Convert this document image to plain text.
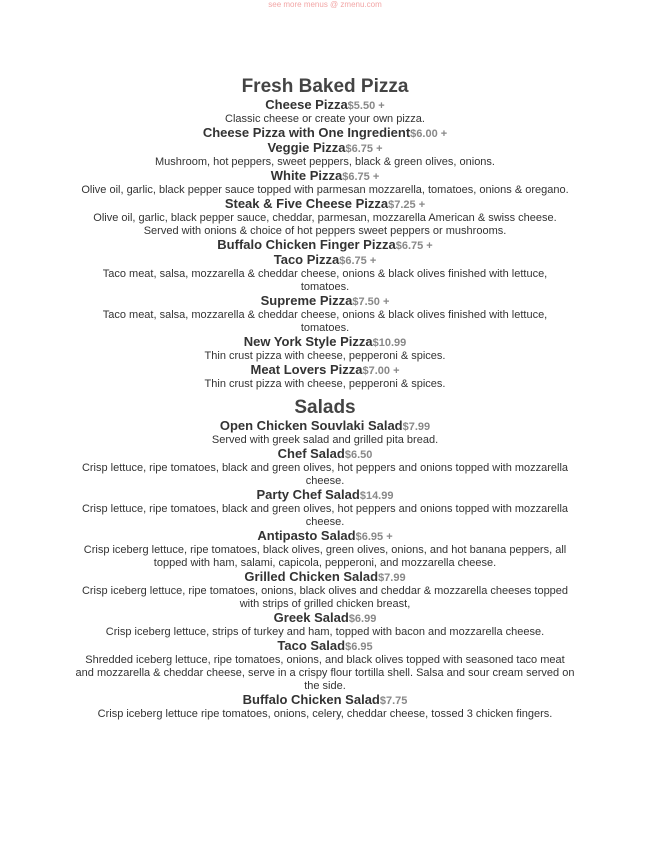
see more menus @ zmenu.com
Fresh Baked Pizza
Cheese Pizza$5.50 +
Classic cheese or create your own pizza.
Cheese Pizza with One Ingredient$6.00 +
Veggie Pizza$6.75 +
Mushroom, hot peppers, sweet peppers, black & green olives, onions.
White Pizza$6.75 +
Olive oil, garlic, black pepper sauce topped with parmesan mozzarella, tomatoes, onions & oregano.
Steak & Five Cheese Pizza$7.25 +
Olive oil, garlic, black pepper sauce, cheddar, parmesan, mozzarella American & swiss cheese. Served with onions & choice of hot peppers sweet peppers or mushrooms.
Buffalo Chicken Finger Pizza$6.75 +
Taco Pizza$6.75 +
Taco meat, salsa, mozzarella & cheddar cheese, onions & black olives finished with lettuce, tomatoes.
Supreme Pizza$7.50 +
Taco meat, salsa, mozzarella & cheddar cheese, onions & black olives finished with lettuce, tomatoes.
New York Style Pizza$10.99
Thin crust pizza with cheese, pepperoni & spices.
Meat Lovers Pizza$7.00 +
Thin crust pizza with cheese, pepperoni & spices.
Salads
Open Chicken Souvlaki Salad$7.99
Served with greek salad and grilled pita bread.
Chef Salad$6.50
Crisp lettuce, ripe tomatoes, black and green olives, hot peppers and onions topped with mozzarella cheese.
Party Chef Salad$14.99
Crisp lettuce, ripe tomatoes, black and green olives, hot peppers and onions topped with mozzarella cheese.
Antipasto Salad$6.95 +
Crisp iceberg lettuce, ripe tomatoes, black olives, green olives, onions, and hot banana peppers, all topped with ham, salami, capicola, pepperoni, and mozzarella cheese.
Grilled Chicken Salad$7.99
Crisp iceberg lettuce, ripe tomatoes, onions, black olives and cheddar & mozzarella cheeses topped with strips of grilled chicken breast,
Greek Salad$6.99
Crisp iceberg lettuce, strips of turkey and ham, topped with bacon and mozzarella cheese.
Taco Salad$6.95
Shredded iceberg lettuce, ripe tomatoes, onions, and black olives topped with seasoned taco meat and mozzarella & cheddar cheese, serve in a crispy flour tortilla shell. Salsa and sour cream served on the side.
Buffalo Chicken Salad$7.75
Crisp iceberg lettuce ripe tomatoes, onions, celery, cheddar cheese, tossed 3 chicken fingers.
